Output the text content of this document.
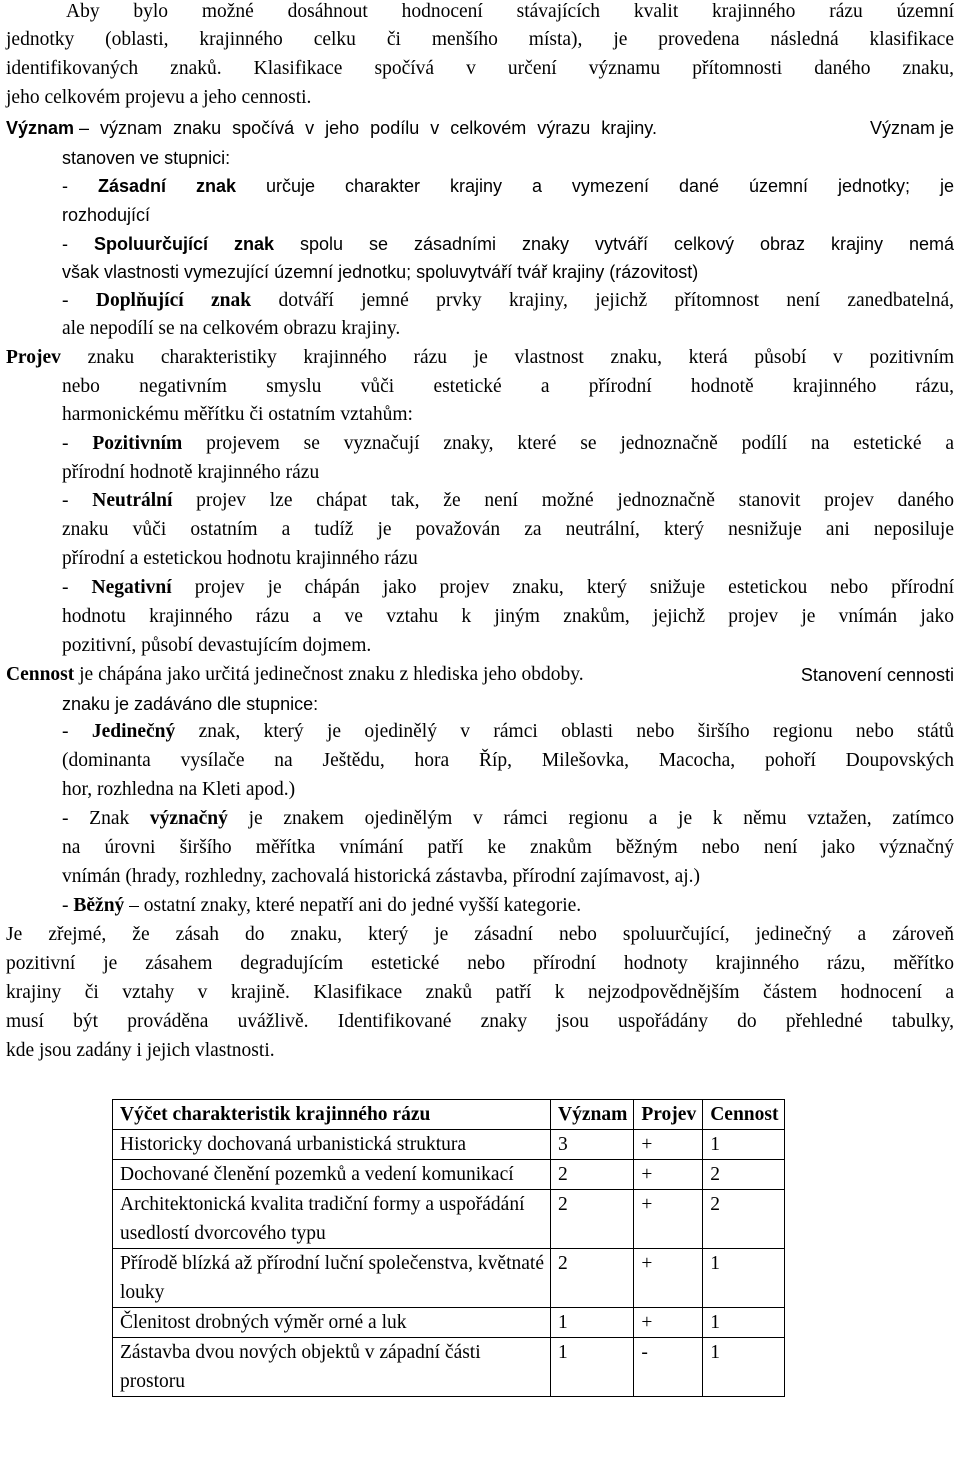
Aby bylo možné dosáhnout hodnocení stávajících kvalit krajinného rázu územní
jednotky (oblasti, krajinného celku či menšího místa), je provedena následná klasifikace
identifikovaných znaků. Klasifikace spočívá v určení významu přítomnosti daného znaku,
jeho celkovém projevu a jeho cennosti.
Význam – význam znaku spočívá v jeho podílu v celkovém výrazu krajiny.	Význam je
stanoven ve stupnici:
- Zásadní znak určuje charakter krajiny a vymezení dané územní jednotky; je
rozhodující
- Spoluurčující znak spolu se zásadními znaky vytváří celkový obraz krajiny nemá
však vlastnosti vymezující územní jednotku; spoluvytváří tvář krajiny (rázovitost)
- Doplňující znak dotváří jemné prvky krajiny, jejichž přítomnost není zanedbatelná,
ale nepodílí se na celkovém obrazu krajiny.
Projev znaku charakteristiky krajinného rázu je vlastnost znaku, která působí v pozitivním
nebo negativním smyslu vůči estetické a přírodní hodnotě krajinného rázu,
harmonickému měřítku či ostatním vztahům:
- Pozitivním projevem se vyznačují znaky, které se jednoznačně podílí na estetické a
přírodní hodnotě krajinného rázu
- Neutrální projev lze chápat tak, že není možné jednoznačně stanovit projev daného
znaku vůči ostatním a tudíž je považován za neutrální, který nesnižuje ani neposiluje
přírodní a estetickou hodnotu krajinného rázu
- Negativní projev je chápán jako projev znaku, který snižuje estetickou nebo přírodní
hodnotu krajinného rázu a ve vztahu k jiným znakům, jejichž projev je vnímán jako
pozitivní, působí devastujícím dojmem.
Cennost je chápána jako určitá jedinečnost znaku z hlediska jeho obdoby.	Stanovení cennosti
znaku je zadáváno dle stupnice:
- Jedinečný znak, který je ojedinělý v rámci oblasti nebo širšího regionu nebo států
(dominanta vysílače na Ještědu, hora Říp, Milešovka, Macocha, pohoří Doupovských
hor, rozhledna na Kleti apod.)
- Znak význačný je znakem ojedinělým v rámci regionu a je k němu vztažen, zatímco
na úrovni širšího měřítka vnímání patří ke znakům běžným nebo není jako význačný
vnímán (hrady, rozhledny, zachovalá historická zástavba, přírodní zajímavost, aj.)
- Běžný – ostatní znaky, které nepatří ani do jedné vyšší kategorie.
Je zřejmé, že zásah do znaku, který je zásadní nebo spoluurčující, jedinečný a zároveň
pozitivní je zásahem degradujícím estetické nebo přírodní hodnoty krajinného rázu, měřítko
krajiny či vztahy v krajině. Klasifikace znaků patří k nejzodpovědnějším částem hodnocení a
musí být prováděna uvážlivě. Identifikované znaky jsou uspořádány do přehledné tabulky,
kde jsou zadány i jejich vlastnosti.
Výčet charakteristik krajinného rázu	Význam	Projev	Cennost
Historicky dochovaná urbanistická struktura	3	+	1
Dochované členění pozemků a vedení komunikací	2	+	2
Architektonická kvalita tradiční formy a uspořádání usedlostí dvorcového typu	2	+	2
Přírodě blízká až přírodní luční společenstva, květnaté louky	2	+	1
Členitost drobných výměr orné a luk	1	+	1
Zástavba dvou nových objektů v západní části prostoru	1	-	1
